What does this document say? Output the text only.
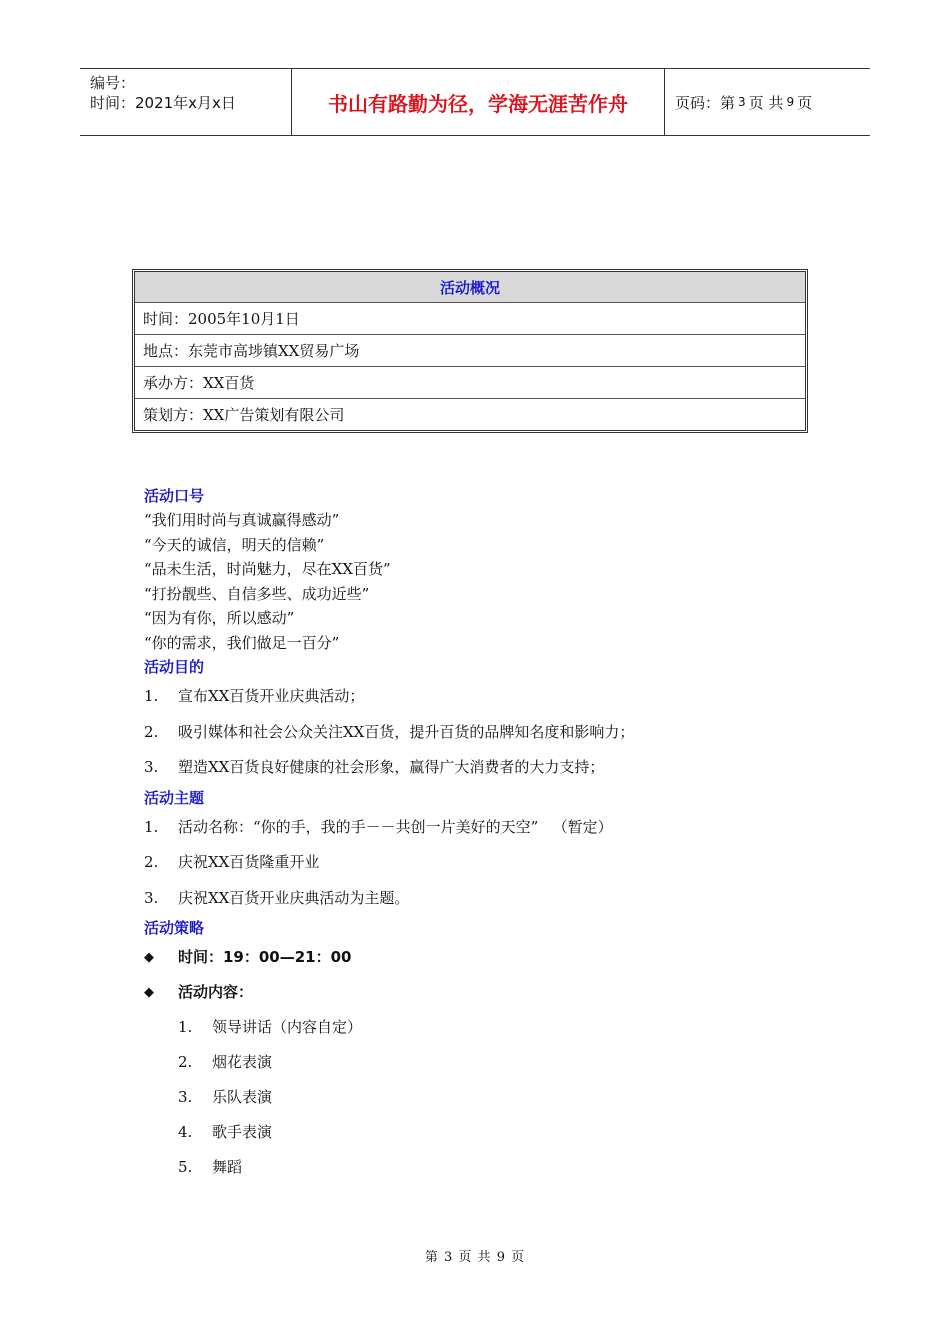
编号：
时间：2021年x月x日	书山有路勤为径，学海无涯苦作舟	页码：第 3 页 共 9 页
活动概况
时间：2005年10月1日
地点：东莞市高埗镇XX贸易广场
承办方：XX百货
策划方：XX广告策划有限公司
活动口号
“我们用时尚与真诚赢得感动”
“今天的诚信，明天的信赖”
“品未生活，时尚魅力，尽在XX百货”
“打扮靓些、自信多些、成功近些”
“因为有你，所以感动”
“你的需求，我们做足一百分”
活动目的
1.	宣布XX百货开业庆典活动；
2.	吸引媒体和社会公众关注XX百货，提升百货的品牌知名度和影响力；
3.	塑造XX百货良好健康的社会形象，赢得广大消费者的大力支持；
活动主题
1.	活动名称：“你的手，我的手－－共创一片美好的天空”   （暂定）
2.	庆祝XX百货隆重开业
3.	庆祝XX百货开业庆典活动为主题。
活动策略
◆	时间：19：00—21：00
◆	活动内容：
1.	领导讲话（内容自定）
2.	烟花表演
3.	乐队表演
4.	歌手表演
5.	舞蹈
第 3 页 共 9 页
